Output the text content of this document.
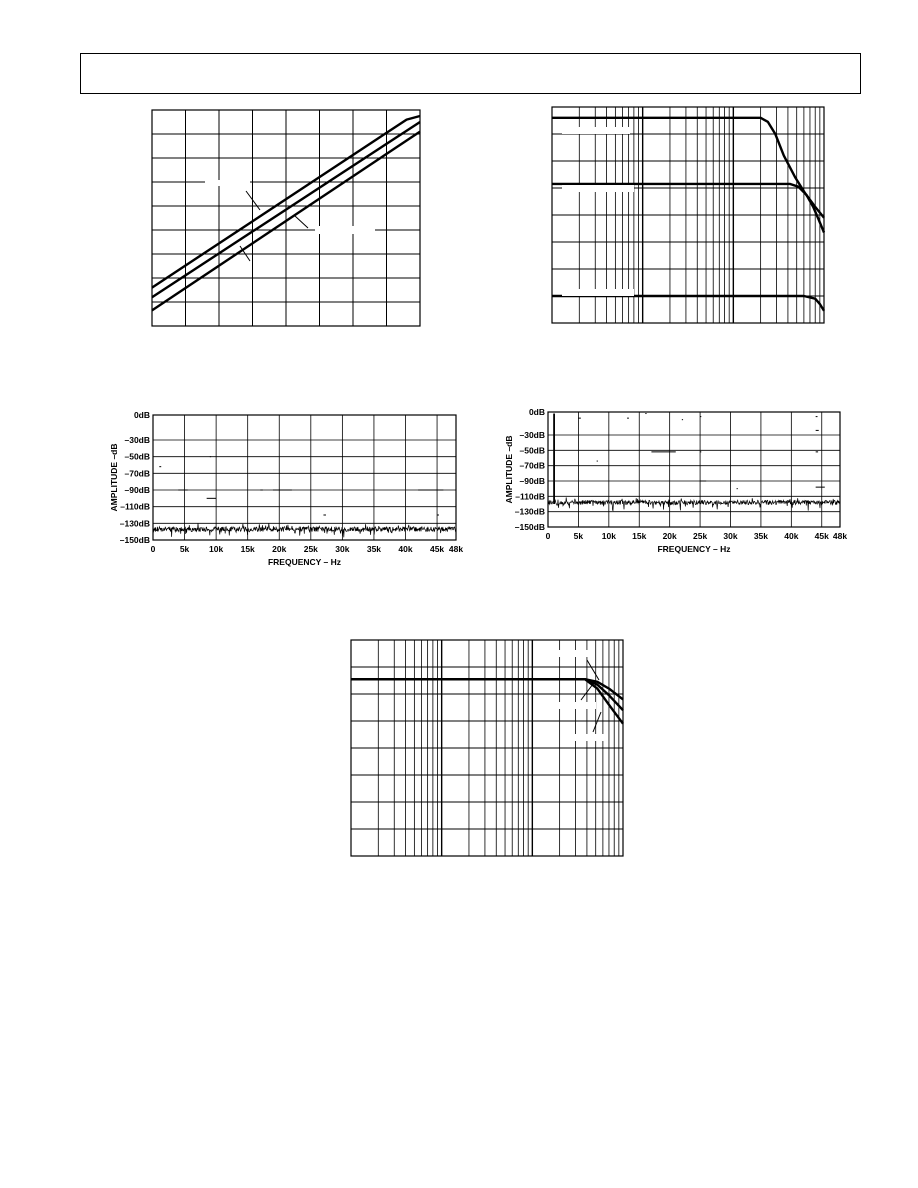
0dB
–30dB
–50dB
–70dB
–90dB
–110dB
–130dB
–150dB
0	5k 10k 15k 20k 25k 30k 35k 40k 45k 48k
FREQUENCY – Hz
AMPLITUDE –dB
0dB
–30dB
–50dB
–70dB
–90dB
–110dB
–130dB
–150dB
0	5k 10k 15k 20k 25k 30k 35k 40k 45k 48k
FREQUENCY – Hz
AMPLITUDE –dB
